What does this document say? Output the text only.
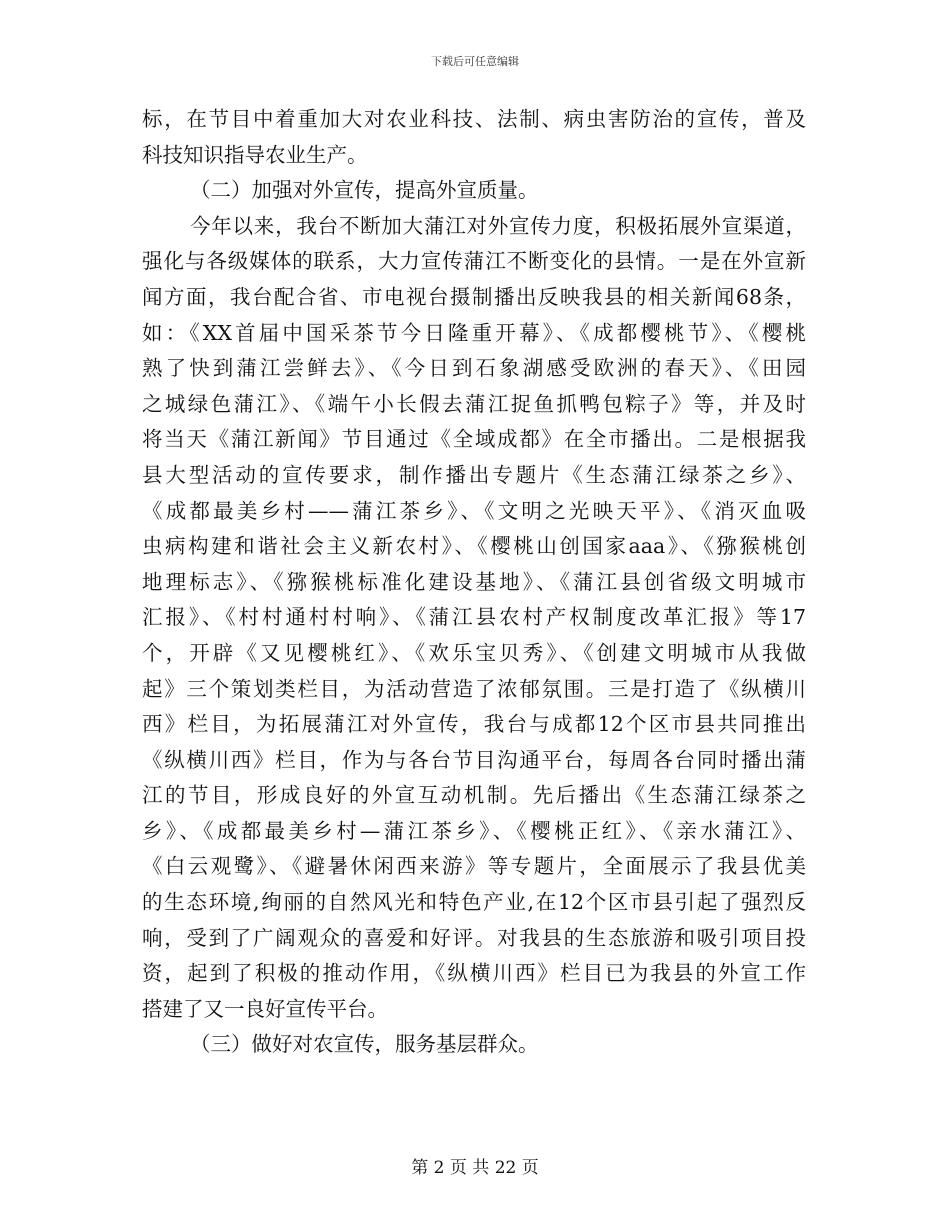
下载后可任意编辑
标，在节目中着重加大对农业科技、法制、病虫害防治的宣传，普及
科技知识指导农业生产。
（二）加强对外宣传，提高外宣质量。
今年以来，我台不断加大蒲江对外宣传力度，积极拓展外宣渠道，
强化与各级媒体的联系，大力宣传蒲江不断变化的县情。一是在外宣新
闻方面，我台配合省、市电视台摄制播出反映我县的相关新闻68条，
如：《XX首届中国采茶节今日隆重开幕》、《成都樱桃节》、《樱桃
熟了快到蒲江尝鲜去》、《今日到石象湖感受欧洲的春天》、《田园
之城绿色蒲江》、《端午小长假去蒲江捉鱼抓鸭包粽子》等，并及时
将当天《蒲江新闻》节目通过《全域成都》在全市播出。二是根据我
县大型活动的宣传要求，制作播出专题片《生态蒲江绿茶之乡》、
《成都最美乡村——蒲江茶乡》、《文明之光映天平》、《消灭血吸
虫病构建和谐社会主义新农村》、《樱桃山创国家aaa》、《猕猴桃创
地理标志》、《猕猴桃标准化建设基地》、《蒲江县创省级文明城市
汇报》、《村村通村村响》、《蒲江县农村产权制度改革汇报》等17
个，开辟《又见樱桃红》、《欢乐宝贝秀》、《创建文明城市从我做
起》三个策划类栏目，为活动营造了浓郁氛围。三是打造了《纵横川
西》栏目，为拓展蒲江对外宣传，我台与成都12个区市县共同推出
《纵横川西》栏目，作为与各台节目沟通平台，每周各台同时播出蒲
江的节目，形成良好的外宣互动机制。先后播出《生态蒲江绿茶之
乡》、《成都最美乡村—蒲江茶乡》、《樱桃正红》、《亲水蒲江》、
《白云观鹭》、《避暑休闲西来游》等专题片，全面展示了我县优美
的生态环境,绚丽的自然风光和特色产业,在12个区市县引起了强烈反
响，受到了广阔观众的喜爱和好评。对我县的生态旅游和吸引项目投
资，起到了积极的推动作用，《纵横川西》栏目已为我县的外宣工作
搭建了又一良好宣传平台。
（三）做好对农宣传，服务基层群众。
第 2 页 共 22 页
